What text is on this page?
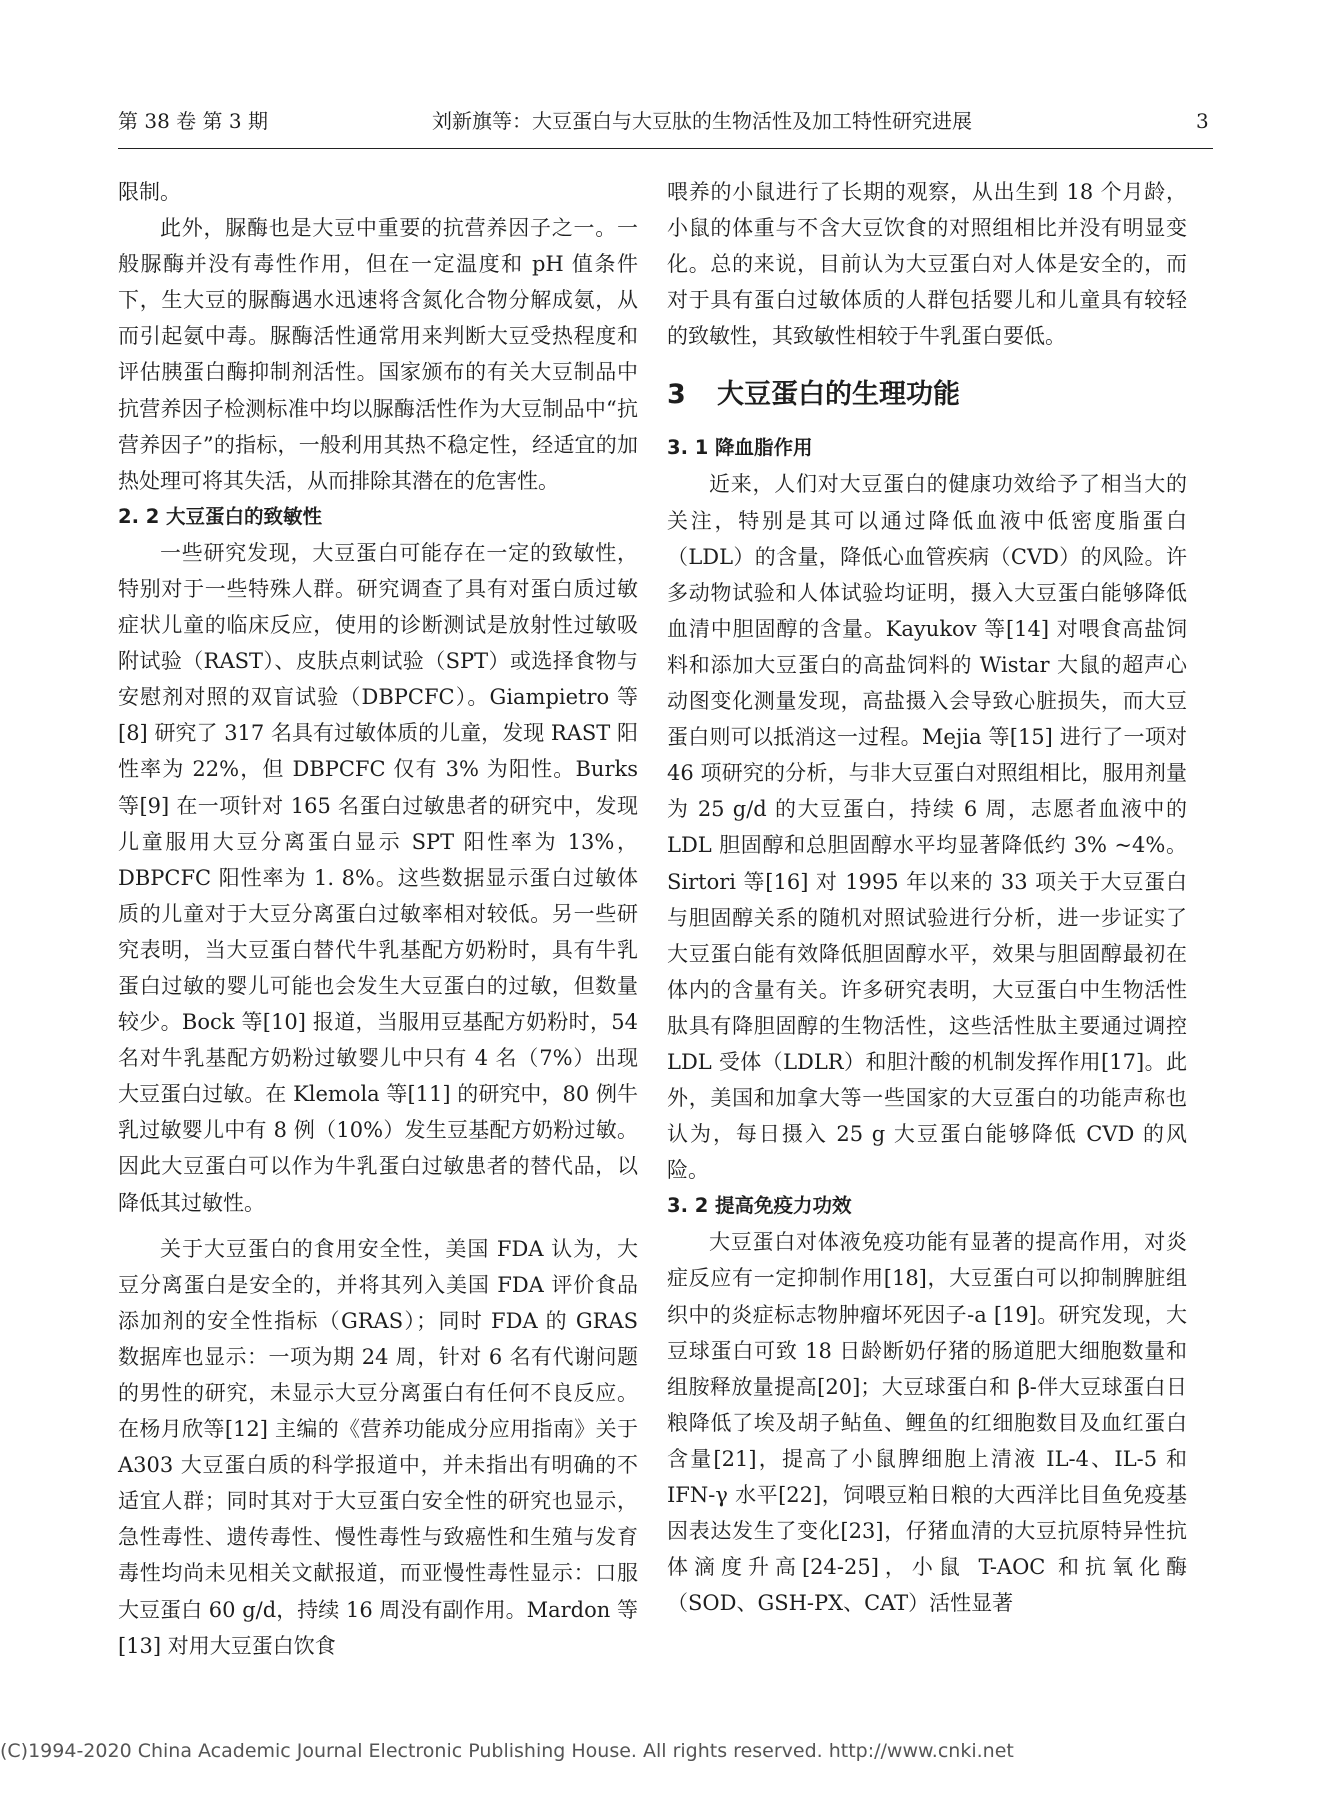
第 38 卷 第 3 期	刘新旗等：大豆蛋白与大豆肽的生物活性及加工特性研究进展	3

限制。

此外，脲酶也是大豆中重要的抗营养因子之一。一般脲酶并没有毒性作用，但在一定温度和 pH 值条件下，生大豆的脲酶遇水迅速将含氮化合物分解成氨，从而引起氨中毒。脲酶活性通常用来判断大豆受热程度和评估胰蛋白酶抑制剂活性。国家颁布的有关大豆制品中抗营养因子检测标准中均以脲酶活性作为大豆制品中“抗营养因子”的指标，一般利用其热不稳定性，经适宜的加热处理可将其失活，从而排除其潜在的危害性。

2. 2 大豆蛋白的致敏性

一些研究发现，大豆蛋白可能存在一定的致敏性，特别对于一些特殊人群。研究调查了具有对蛋白质过敏症状儿童的临床反应，使用的诊断测试是放射性过敏吸附试验（RAST）、皮肤点刺试验（SPT）或选择食物与安慰剂对照的双盲试验（DBPCFC）。Giampietro 等[8] 研究了 317 名具有过敏体质的儿童，发现 RAST 阳性率为 22%，但 DBPCFC 仅有 3% 为阳性。Burks 等[9] 在一项针对 165 名蛋白过敏患者的研究中，发现儿童服用大豆分离蛋白显示 SPT 阳性率为 13%，DBPCFC 阳性率为 1. 8%。这些数据显示蛋白过敏体质的儿童对于大豆分离蛋白过敏率相对较低。另一些研究表明，当大豆蛋白替代牛乳基配方奶粉时，具有牛乳蛋白过敏的婴儿可能也会发生大豆蛋白的过敏，但数量较少。Bock 等[10] 报道，当服用豆基配方奶粉时，54 名对牛乳基配方奶粉过敏婴儿中只有 4 名（7%）出现大豆蛋白过敏。在 Klemola 等[11] 的研究中，80 例牛乳过敏婴儿中有 8 例（10%）发生豆基配方奶粉过敏。因此大豆蛋白可以作为牛乳蛋白过敏患者的替代品，以降低其过敏性。

关于大豆蛋白的食用安全性，美国 FDA 认为，大豆分离蛋白是安全的，并将其列入美国 FDA 评价食品添加剂的安全性指标（GRAS）；同时 FDA 的 GRAS 数据库也显示：一项为期 24 周，针对 6 名有代谢问题的男性的研究，未显示大豆分离蛋白有任何不良反应。在杨月欣等[12] 主编的《营养功能成分应用指南》关于 A303 大豆蛋白质的科学报道中，并未指出有明确的不适宜人群；同时其对于大豆蛋白安全性的研究也显示，急性毒性、遗传毒性、慢性毒性与致癌性和生殖与发育毒性均尚未见相关文献报道，而亚慢性毒性显示：口服大豆蛋白 60 g/d，持续 16 周没有副作用。Mardon 等[13] 对用大豆蛋白饮食

喂养的小鼠进行了长期的观察，从出生到 18 个月龄，小鼠的体重与不含大豆饮食的对照组相比并没有明显变化。总的来说，目前认为大豆蛋白对人体是安全的，而对于具有蛋白过敏体质的人群包括婴儿和儿童具有较轻的致敏性，其致敏性相较于牛乳蛋白要低。

3 大豆蛋白的生理功能
3. 1 降血脂作用

近来，人们对大豆蛋白的健康功效给予了相当大的关注，特别是其可以通过降低血液中低密度脂蛋白（LDL）的含量，降低心血管疾病（CVD）的风险。许多动物试验和人体试验均证明，摄入大豆蛋白能够降低血清中胆固醇的含量。Kayukov 等[14] 对喂食高盐饲料和添加大豆蛋白的高盐饲料的 Wistar 大鼠的超声心动图变化测量发现，高盐摄入会导致心脏损失，而大豆蛋白则可以抵消这一过程。Mejia 等[15] 进行了一项对 46 项研究的分析，与非大豆蛋白对照组相比，服用剂量为 25 g/d 的大豆蛋白，持续 6 周，志愿者血液中的 LDL 胆固醇和总胆固醇水平均显著降低约 3% ~4%。Sirtori 等[16] 对 1995 年以来的 33 项关于大豆蛋白与胆固醇关系的随机对照试验进行分析，进一步证实了大豆蛋白能有效降低胆固醇水平，效果与胆固醇最初在体内的含量有关。许多研究表明，大豆蛋白中生物活性肽具有降胆固醇的生物活性，这些活性肽主要通过调控 LDL 受体（LDLR）和胆汁酸的机制发挥作用[17]。此外，美国和加拿大等一些国家的大豆蛋白的功能声称也认为，每日摄入 25 g 大豆蛋白能够降低 CVD 的风险。

3. 2 提高免疫力功效

大豆蛋白对体液免疫功能有显著的提高作用，对炎症反应有一定抑制作用[18]，大豆蛋白可以抑制脾脏组织中的炎症标志物肿瘤坏死因子-a [19]。研究发现，大豆球蛋白可致 18 日龄断奶仔猪的肠道肥大细胞数量和组胺释放量提高[20]；大豆球蛋白和 β-伴大豆球蛋白日粮降低了埃及胡子鲇鱼、鲤鱼的红细胞数目及血红蛋白含量[21]，提高了小鼠脾细胞上清液 IL-4、IL-5 和 IFN-γ 水平[22]，饲喂豆粕日粮的大西洋比目鱼免疫基因表达发生了变化[23]，仔猪血清的大豆抗原特异性抗体滴度升高[24-25]，小鼠 T-AOC 和抗氧化酶（SOD、GSH-PX、CAT）活性显著

(C)1994-2020 China Academic Journal Electronic Publishing House. All rights reserved. http://www.cnki.net
